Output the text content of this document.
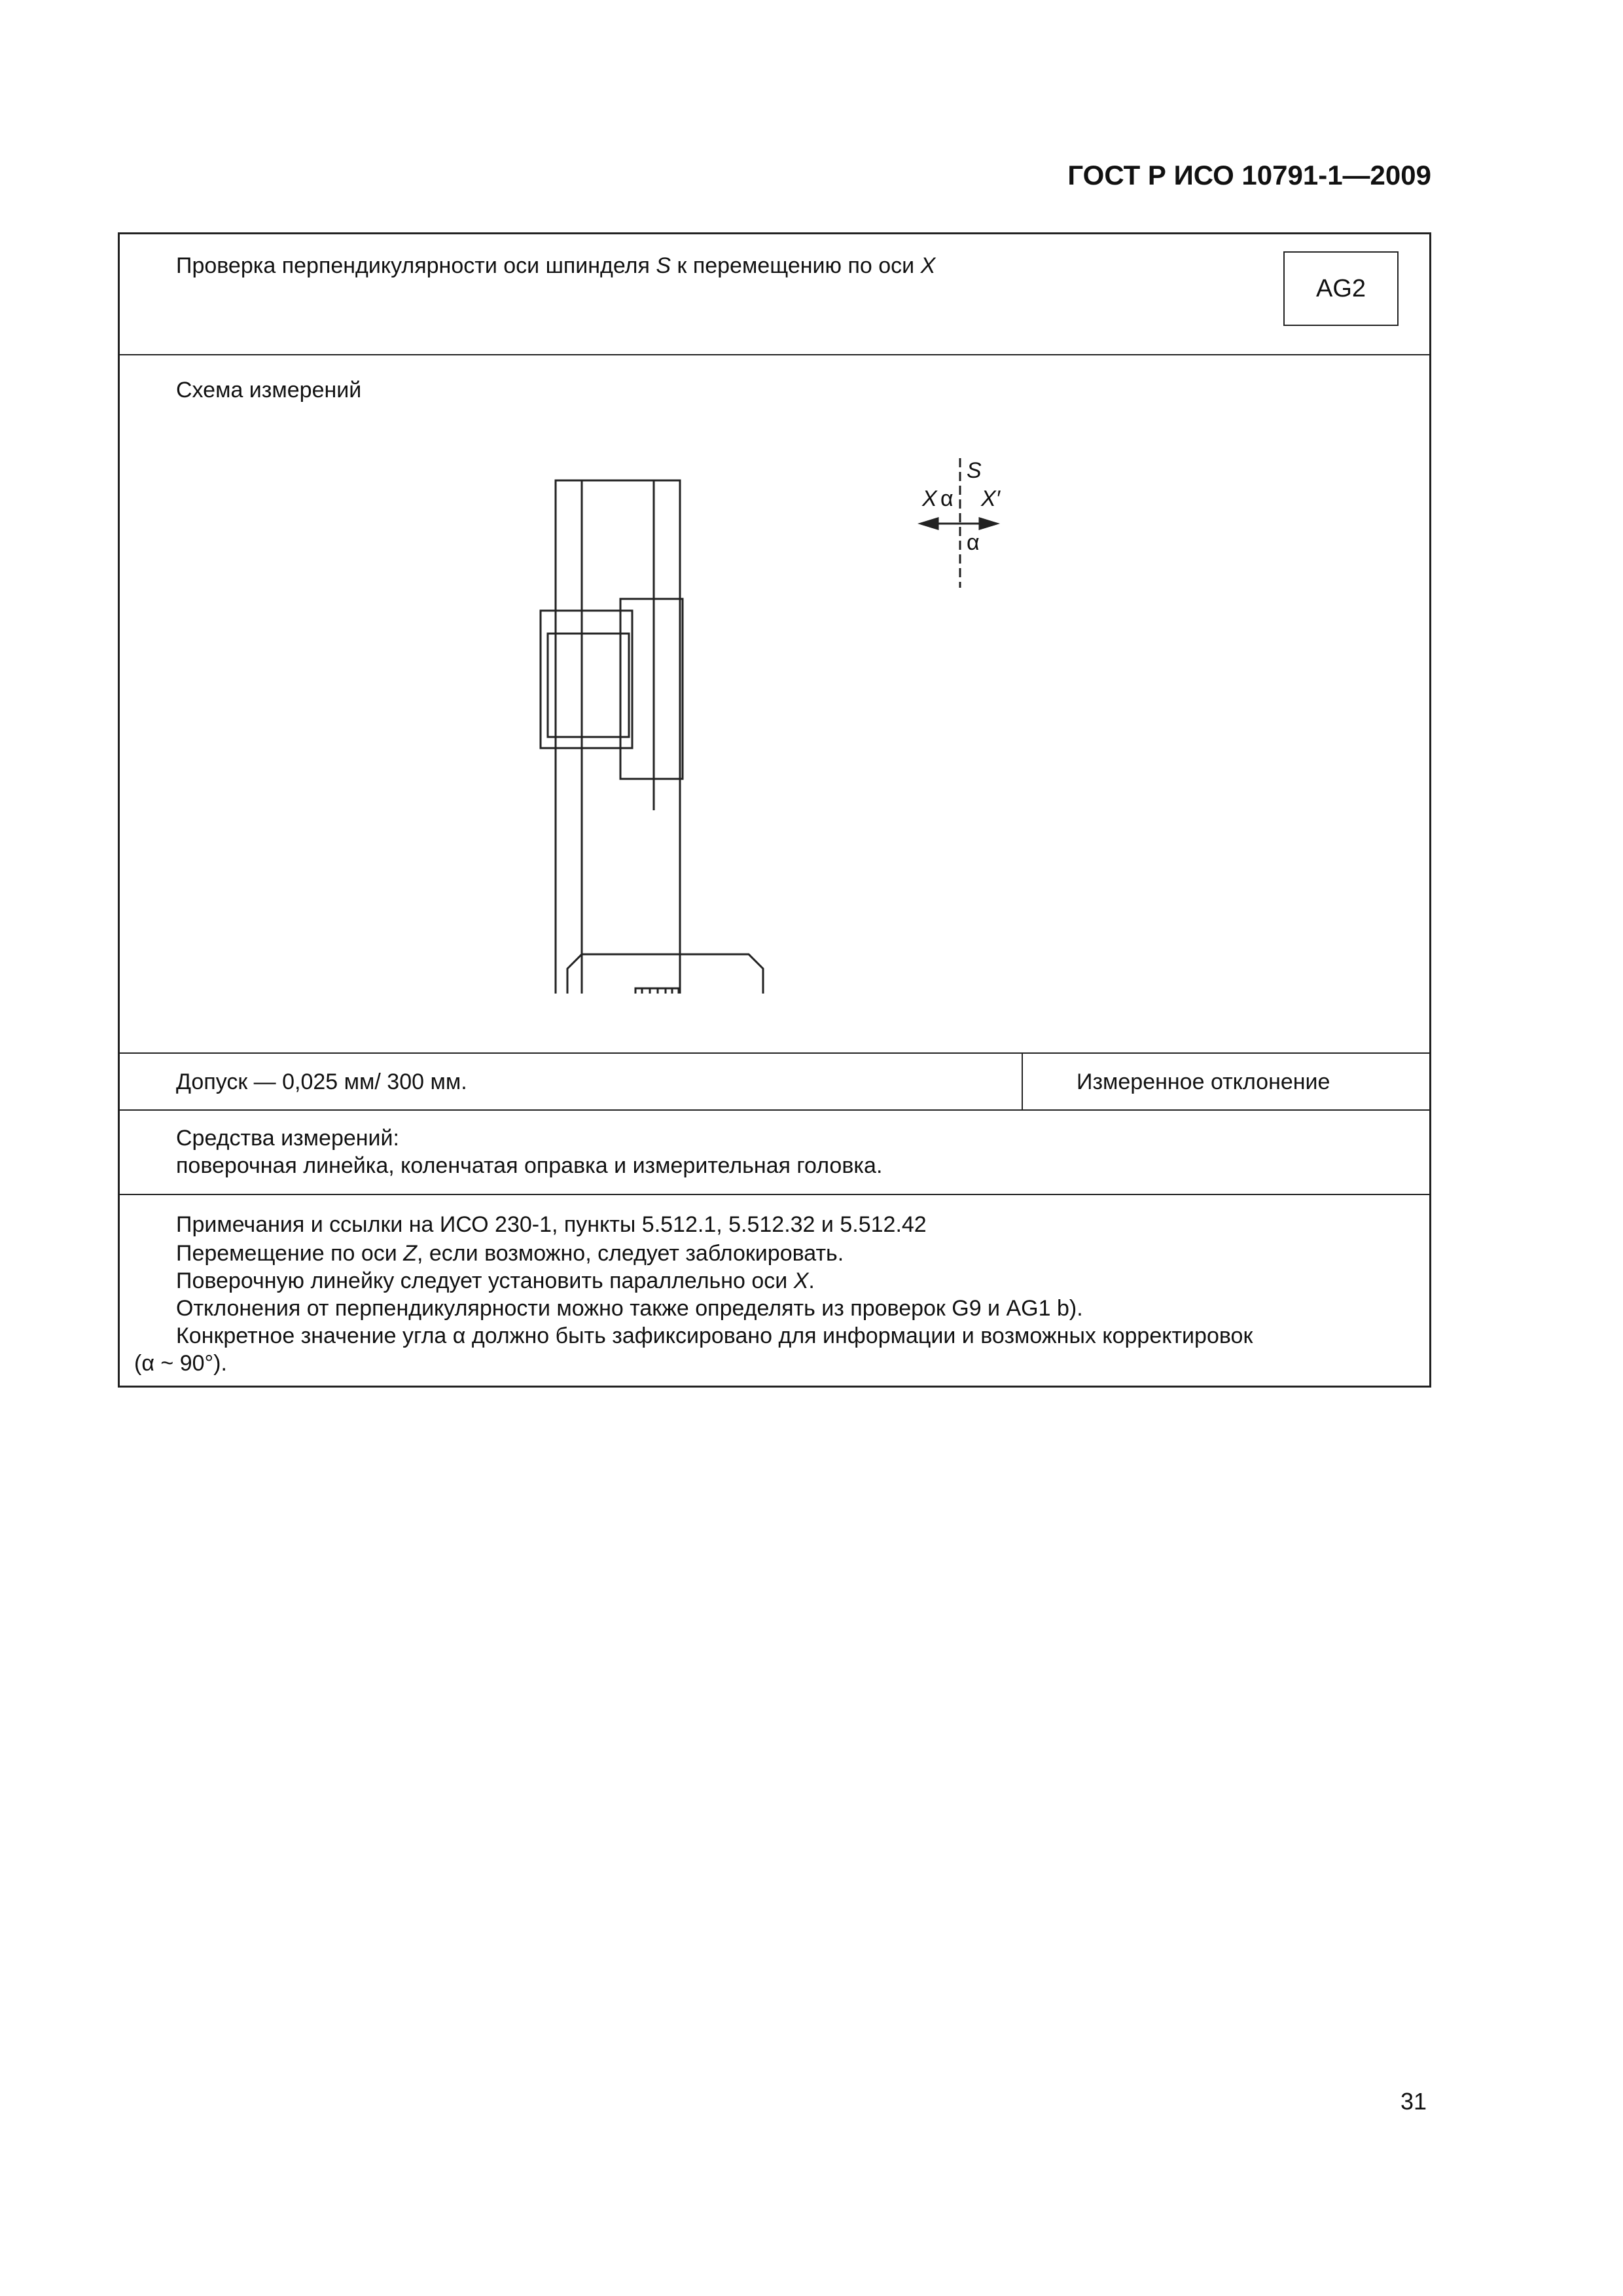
ГОСТ Р ИСО 10791-1—2009
Проверка перпендикулярности оси шпинделя S к перемещению по оси X
AG2
Схема измерений
S
X α X′
α
Допуск — 0,025 мм/ 300 мм.	Измеренное отклонение
Средства измерений:
поверочная линейка, коленчатая оправка и измерительная головка.
Примечания и ссылки на ИСО 230-1, пункты 5.512.1, 5.512.32 и 5.512.42
Перемещение по оси Z, если возможно, следует заблокировать.
Поверочную линейку следует установить параллельно оси X.
Отклонения от перпендикулярности можно также определять из проверок G9 и AG1 b).
Конкретное значение угла α должно быть зафиксировано для информации и возможных корректировок
(α ~ 90°).
31
